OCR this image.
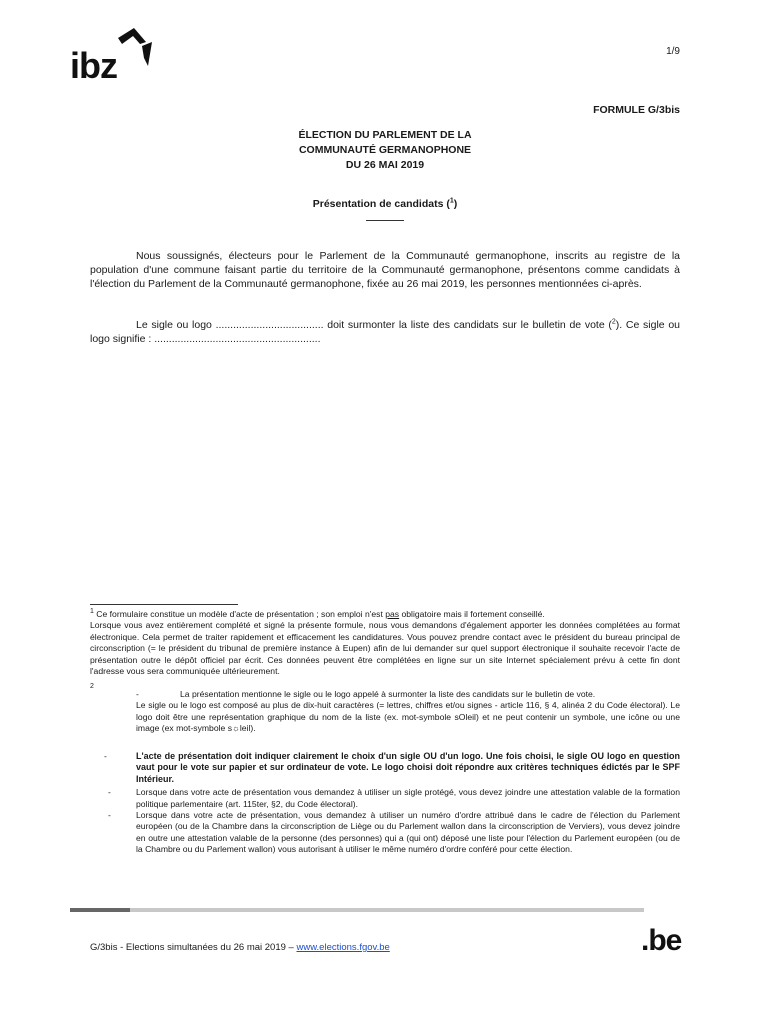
ibz	1/9
FORMULE G/3bis
ÉLECTION DU PARLEMENT DE LA
COMMUNAUTÉ GERMANOPHONE
DU 26 MAI 2019
Présentation de candidats ($^1$)
Nous soussignés, électeurs pour le Parlement de la Communauté germanophone, inscrits au registre de la population d'une commune faisant partie du territoire de la Communauté germanophone, présentons comme candidats à l'élection du Parlement de la Communauté germanophone, fixée au 26 mai 2019, les personnes mentionnées ci-après.
Le sigle ou logo ..................................... doit surmonter la liste des candidats sur le bulletin de vote ($^2$). Ce sigle ou logo signifie : .........................................................
$^1$ Ce formulaire constitue un modèle d'acte de présentation ; son emploi n'est pas obligatoire mais il fortement conseillé.
Lorsque vous avez entièrement complété et signé la présente formule, nous vous demandons d'également apporter les données complétées au format électronique. Cela permet de traiter rapidement et efficacement les candidatures. Vous pouvez prendre contact avec le président du bureau principal de circonscription (= le président du tribunal de première instance à Eupen) afin de lui demander sur quel support électronique il souhaite recevoir l'acte de présentation outre le dépôt officiel par écrit. Ces données peuvent être complétées en ligne sur un site Internet spécialement prévu à cette fin dont l'adresse vous sera communiquée ultérieurement.
2
-	La présentation mentionne le sigle ou le logo appelé à surmonter la liste des candidats sur le bulletin de vote.
Le sigle ou le logo est composé au plus de dix-huit caractères (= lettres, chiffres et/ou signes - article 116, § 4, alinéa 2 du Code électoral). Le logo doit être une représentation graphique du nom de la liste (ex. mot-symbole sOleil) et ne peut contenir un symbole, une icône ou une image (ex mot-symbole s☼leil).
-	L'acte de présentation doit indiquer clairement le choix d'un sigle OU d'un logo. Une fois choisi, le sigle OU logo en question vaut pour le vote sur papier et sur ordinateur de vote. Le logo choisi doit répondre aux critères techniques édictés par le SPF Intérieur.
-	Lorsque dans votre acte de présentation vous demandez à utiliser un sigle protégé, vous devez joindre une attestation valable de la formation politique parlementaire (art. 115ter, §2, du Code électoral).
-	Lorsque dans votre acte de présentation, vous demandez à utiliser un numéro d'ordre attribué dans le cadre de l'élection du Parlement européen (ou de la Chambre dans la circonscription de Liège ou du Parlement wallon dans la circonscription de Verviers), vous devez joindre en outre une attestation valable de la personne (des personnes) qui a (qui ont) déposé une liste pour l'élection du Parlement européen (ou de la Chambre ou du Parlement wallon) vous autorisant à utiliser le même numéro d'ordre conféré pour cette élection.
G/3bis - Elections simultanées du 26 mai 2019 – www.elections.fgov.be	.be
